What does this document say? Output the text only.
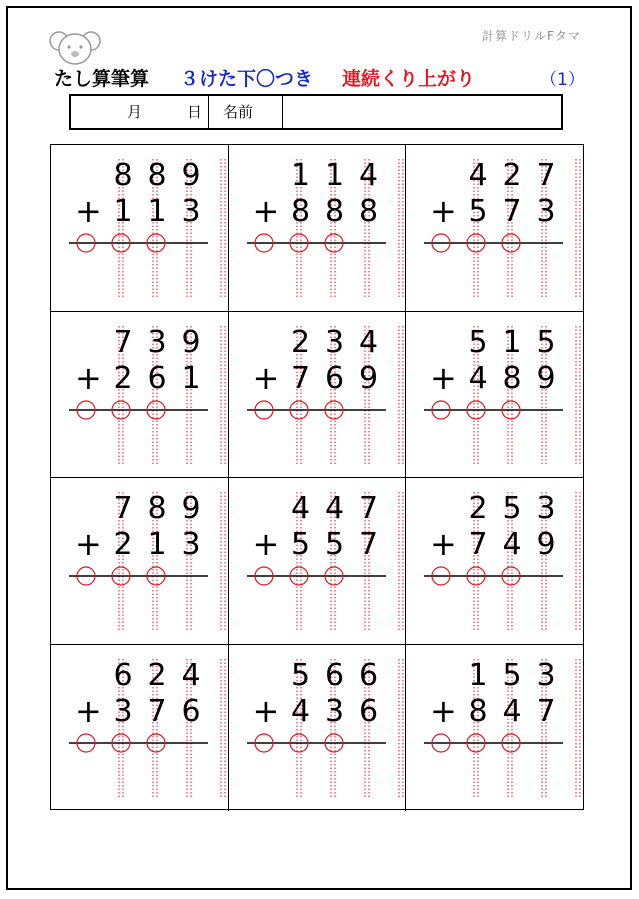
計算ドリルFタマ
たし算筆算 ３けた下〇つき 連続くり上がり	（1）
月	日 名前
8 8 9
+ 1 1 3
1 1 4
+ 8 8 8
4 2 7
+ 5 7 3
7 3 9
+ 2 6 1
2 3 4
+ 7 6 9
5 1 5
+ 4 8 9
7 8 9
+ 2 1 3
4 4 7
+ 5 5 7
2 5 3
+ 7 4 9
6 2 4
+ 3 7 6
5 6 6
+ 4 3 6
1 5 3
+ 8 4 7
